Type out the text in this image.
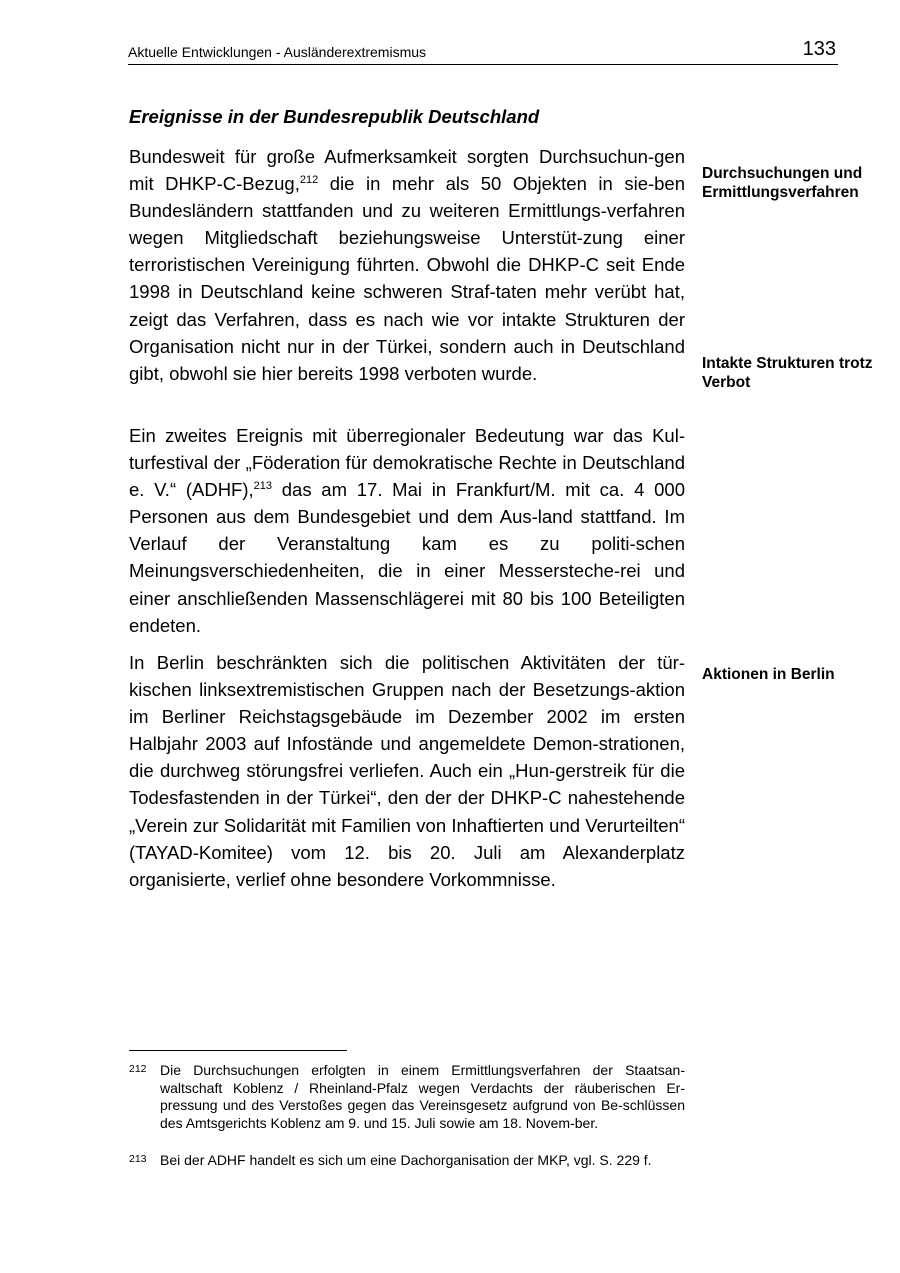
Aktuelle Entwicklungen - Ausländerextremismus	133
Ereignisse in der Bundesrepublik Deutschland

Bundesweit für große Aufmerksamkeit sorgten Durchsuchun-gen mit DHKP-C-Bezug,$^{212}$ die in mehr als 50 Objekten in sie-ben Bundesländern stattfanden und zu weiteren Ermittlungs-verfahren wegen Mitgliedschaft beziehungsweise Unterstüt-zung einer terroristischen Vereinigung führten. Obwohl die DHKP-C seit Ende 1998 in Deutschland keine schweren Straf-taten mehr verübt hat, zeigt das Verfahren, dass es nach wie vor intakte Strukturen der Organisation nicht nur in der Türkei, sondern auch in Deutschland gibt, obwohl sie hier bereits 1998 verboten wurde.

Ein zweites Ereignis mit überregionaler Bedeutung war das Kul-turfestival der „Föderation für demokratische Rechte in Deutschland e. V.“ (ADHF),$^{213}$ das am 17. Mai in Frankfurt/M. mit ca. 4 000 Personen aus dem Bundesgebiet und dem Aus-land stattfand. Im Verlauf der Veranstaltung kam es zu politi-schen Meinungsverschiedenheiten, die in einer Messersteche-rei und einer anschließenden Massenschlägerei mit 80 bis 100 Beteiligten endeten.

In Berlin beschränkten sich die politischen Aktivitäten der tür-kischen linksextremistischen Gruppen nach der Besetzungs-aktion im Berliner Reichstagsgebäude im Dezember 2002 im ersten Halbjahr 2003 auf Infostände und angemeldete Demon-strationen, die durchweg störungsfrei verliefen. Auch ein „Hun-gerstreik für die Todesfastenden in der Türkei“, den der der DHKP-C nahestehende „Verein zur Solidarität mit Familien von Inhaftierten und Verurteilten“ (TAYAD-Komitee) vom 12. bis 20. Juli am Alexanderplatz organisierte, verlief ohne besondere Vorkommnisse.

Durchsuchungen und Ermittlungsverfahren
Intakte Strukturen trotz Verbot
Aktionen in Berlin
212 Die Durchsuchungen erfolgten in einem Ermittlungsverfahren der Staatsan-waltschaft Koblenz / Rheinland-Pfalz wegen Verdachts der räuberischen Er-pressung und des Verstoßes gegen das Vereinsgesetz aufgrund von Be-schlüssen des Amtsgerichts Koblenz am 9. und 15. Juli sowie am 18. Novem-ber.
213 Bei der ADHF handelt es sich um eine Dachorganisation der MKP, vgl. S. 229 f.
